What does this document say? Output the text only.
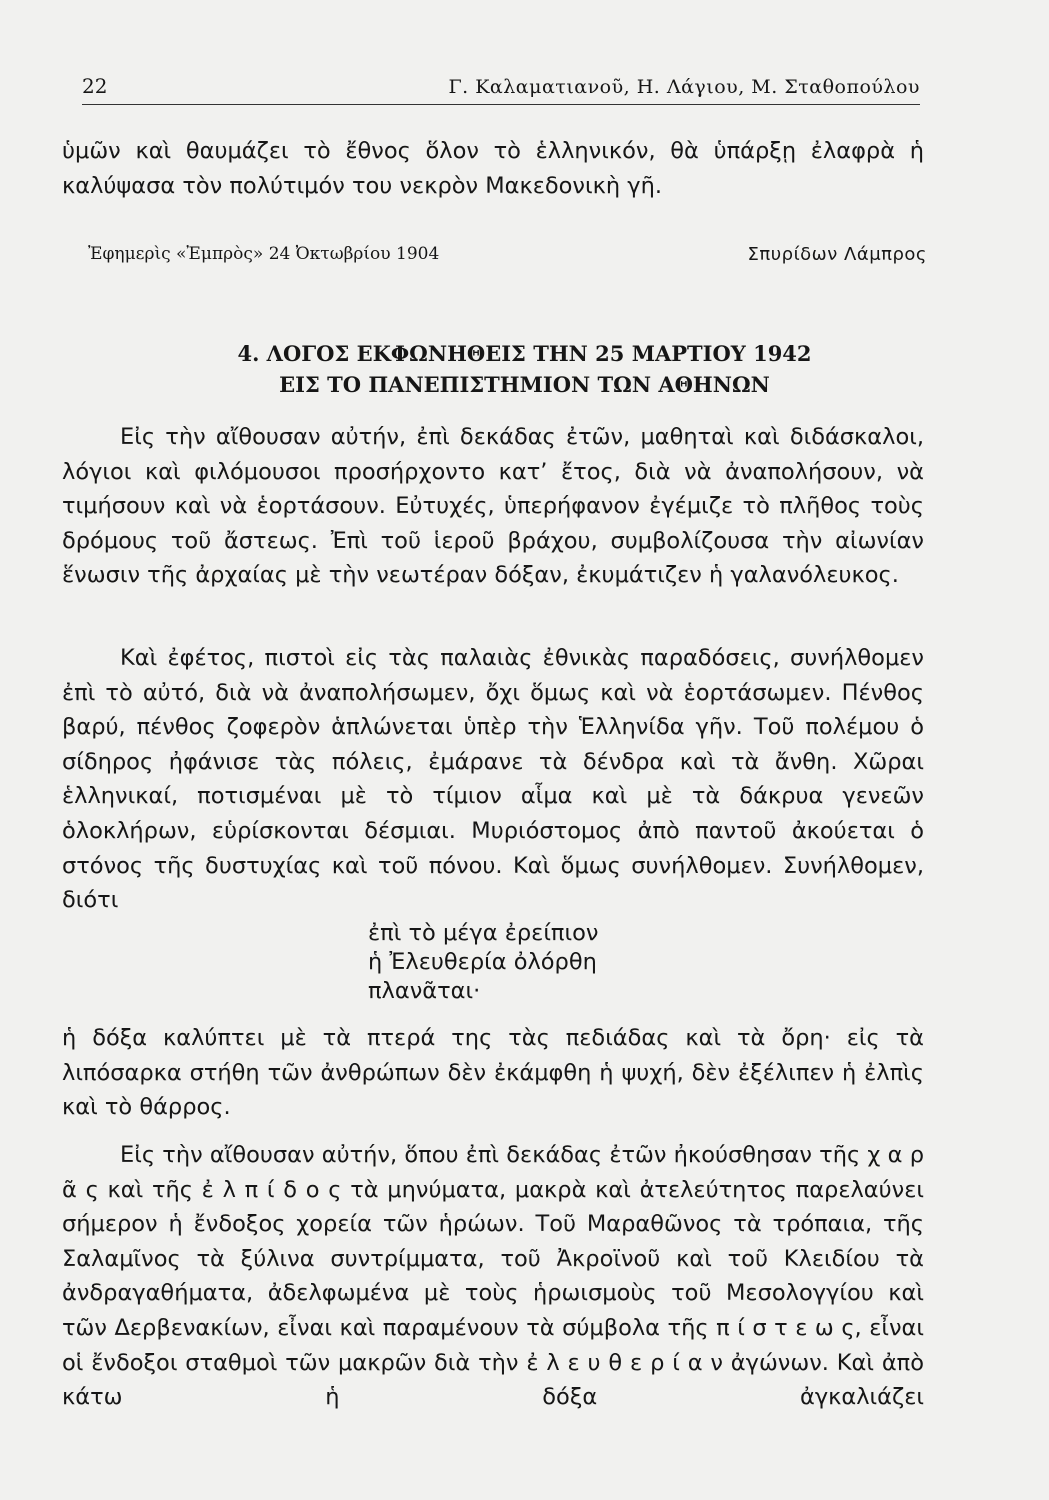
22	Γ. Καλαματιανοῦ, Η. Λάγιου, Μ. Σταθοπούλου

ὑμῶν καὶ θαυμάζει τὸ ἔθνος ὅλον τὸ ἑλληνικόν, θὰ ὑπάρξῃ ἐλαφρὰ ἡ καλύψασα τὸν πολύτιμόν του νεκρὸν Μακεδονικὴ γῆ.

Ἐφημερὶς «Ἐμπρὸς» 24 Ὀκτωβρίου 1904	Σπυρίδων Λάμπρος
4. ΛΟΓΟΣ ΕΚΦΩΝΗΘΕΙΣ ΤΗΝ 25 ΜΑΡΤΙΟΥ 1942
ΕΙΣ ΤΟ ΠΑΝΕΠΙΣΤΗΜΙΟΝ ΤΩΝ ΑΘΗΝΩΝ

Εἰς τὴν αἴθουσαν αὐτήν, ἐπὶ δεκάδας ἐτῶν, μαθηταὶ καὶ διδάσκαλοι, λόγιοι καὶ φιλόμουσοι προσήρχοντο κατ’ ἔτος, διὰ νὰ ἀναπολήσουν, νὰ τιμήσουν καὶ νὰ ἑορτάσουν. Εὐτυχές, ὑπερήφανον ἐγέμιζε τὸ πλῆθος τοὺς δρόμους τοῦ ἄστεως. Ἐπὶ τοῦ ἱεροῦ βράχου, συμβολίζουσα τὴν αἰωνίαν ἕνωσιν τῆς ἀρχαίας μὲ τὴν νεωτέραν δόξαν, ἐκυμάτιζεν ἡ γαλανόλευκος.

Καὶ ἐφέτος, πιστοὶ εἰς τὰς παλαιὰς ἐθνικὰς παραδόσεις, συνήλθομεν ἐπὶ τὸ αὐτό, διὰ νὰ ἀναπολήσωμεν, ὄχι ὅμως καὶ νὰ ἑορτάσωμεν. Πένθος βαρύ, πένθος ζοφερὸν ἁπλώνεται ὑπὲρ τὴν Ἑλληνίδα γῆν. Τοῦ πολέμου ὁ σίδηρος ἠφάνισε τὰς πόλεις, ἐμάρανε τὰ δένδρα καὶ τὰ ἄνθη. Χῶραι ἑλληνικαί, ποτισμέναι μὲ τὸ τίμιον αἷμα καὶ μὲ τὰ δάκρυα γενεῶν ὁλοκλήρων, εὑρίσκονται δέσμιαι. Μυριόστομος ἀπὸ παντοῦ ἀκούεται ὁ στόνος τῆς δυστυχίας καὶ τοῦ πόνου. Καὶ ὅμως συνήλθομεν. Συνήλθομεν, διότι

ἐπὶ τὸ μέγα ἐρείπιον
ἡ Ἐλευθερία ὀλόρθη
πλανᾶται·

ἡ δόξα καλύπτει μὲ τὰ πτερά της τὰς πεδιάδας καὶ τὰ ὄρη· εἰς τὰ λιπόσαρκα στήθη τῶν ἀνθρώπων δὲν ἐκάμφθη ἡ ψυχή, δὲν ἐξέλιπεν ἡ ἐλπὶς καὶ τὸ θάρρος.

Εἰς τὴν αἴθουσαν αὐτήν, ὅπου ἐπὶ δεκάδας ἐτῶν ἠκούσθησαν τῆς χ α ρ ᾶ ς καὶ τῆς ἐ λ π ί δ ο ς τὰ μηνύματα, μακρὰ καὶ ἀτελεύτητος παρελαύνει σήμερον ἡ ἔνδοξος χορεία τῶν ἡρώων. Τοῦ Μαραθῶνος τὰ τρόπαια, τῆς Σαλαμῖνος τὰ ξύλινα συντρίμματα, τοῦ Ἀκροϊνοῦ καὶ τοῦ Κλειδίου τὰ ἀνδραγαθήματα, ἀδελφωμένα μὲ τοὺς ἡρωισμοὺς τοῦ Μεσολογγίου καὶ τῶν Δερβενακίων, εἶναι καὶ παραμένουν τὰ σύμβολα τῆς π ί σ τ ε ω ς, εἶναι οἱ ἔνδοξοι σταθμοὶ τῶν μακρῶν διὰ τὴν ἐ λ ε υ θ ε ρ ί α ν ἀγώνων. Καὶ ἀπὸ κάτω ἡ δόξα ἀγκαλιάζει
